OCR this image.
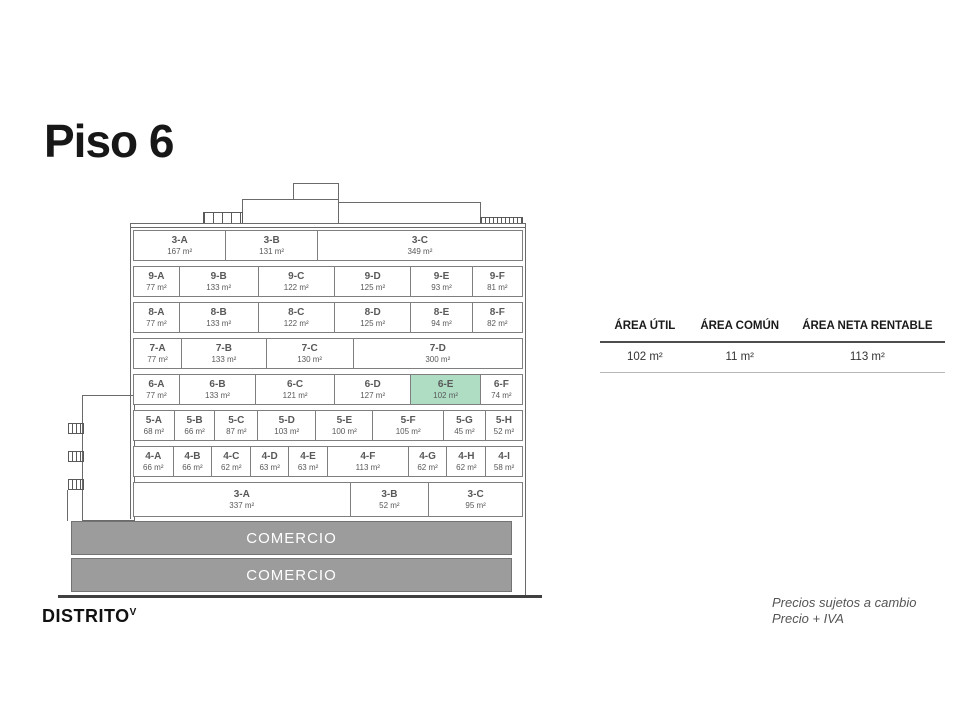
Piso 6
3-A
167 m²
3-B
131 m²
3-C
349 m²
9-A
77 m²
9-B
133 m²
9-C
122 m²
9-D
125 m²
9-E
93 m²
9-F
81 m²
8-A
77 m²
8-B
133 m²
8-C
122 m²
8-D
125 m²
8-E
94 m²
8-F
82 m²
7-A
77 m²
7-B
133 m²
7-C
130 m²
7-D
300 m²
6-A
77 m²
6-B
133 m²
6-C
121 m²
6-D
127 m²
6-E
102 m²
6-F
74 m²
5-A
68 m²
5-B
66 m²
5-C
87 m²
5-D
103 m²
5-E
100 m²
5-F
105 m²
5-G
45 m²
5-H
52 m²
4-A
66 m²
4-B
66 m²
4-C
62 m²
4-D
63 m²
4-E
63 m²
4-F
113 m²
4-G
62 m²
4-H
62 m²
4-I
58 m²
3-A
337 m²
3-B
52 m²
3-C
95 m²
COMERCIO
COMERCIO
ÁREA ÚTIL	ÁREA COMÚN	ÁREA NETA RENTABLE
102 m²	11 m²	113 m²
$DISTRITO^V$
Precios sujetos a cambio
Precio + IVA
